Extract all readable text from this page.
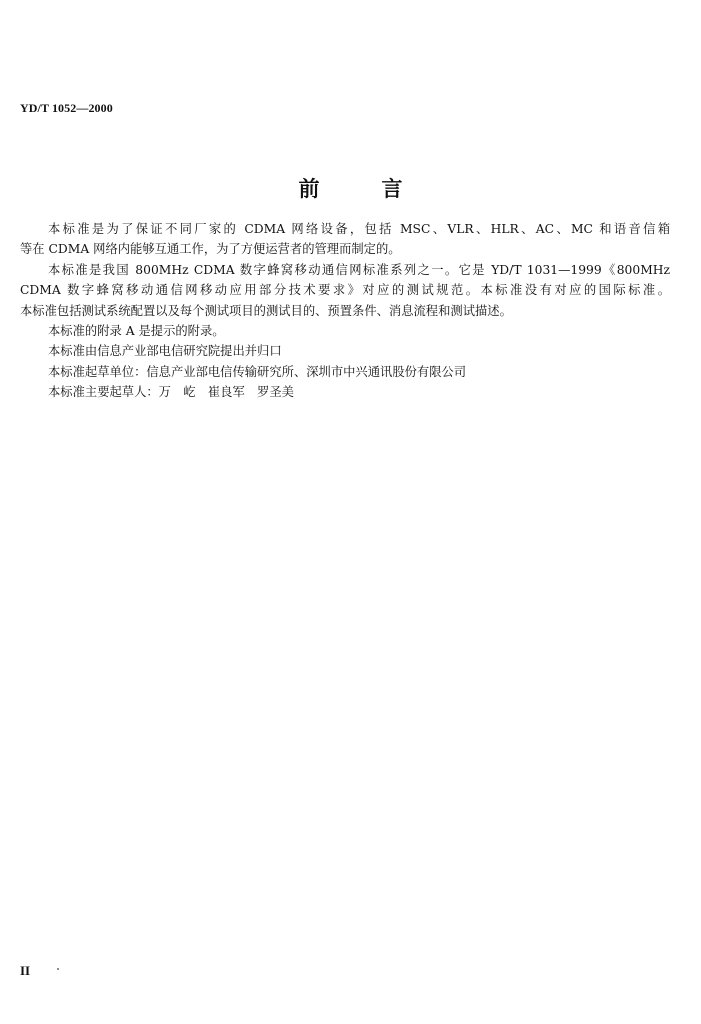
YD/T 1052—2000
前	言
本标准是为了保证不同厂家的 CDMA 网络设备，包括 MSC、VLR、HLR、AC、MC 和语音信箱
等在 CDMA 网络内能够互通工作，为了方便运营者的管理而制定的。
本标准是我国 800MHz CDMA 数字蜂窝移动通信网标准系列之一。它是 YD/T 1031—1999《800MHz
CDMA 数字蜂窝移动通信网移动应用部分技术要求》对应的测试规范。本标准没有对应的国际标准。
本标准包括测试系统配置以及每个测试项目的测试目的、预置条件、消息流程和测试描述。
本标准的附录 A 是提示的附录。
本标准由信息产业部电信研究院提出并归口
本标准起草单位：信息产业部电信传输研究所、深圳市中兴通讯股份有限公司
本标准主要起草人：万　屹　崔良军　罗圣美
II
